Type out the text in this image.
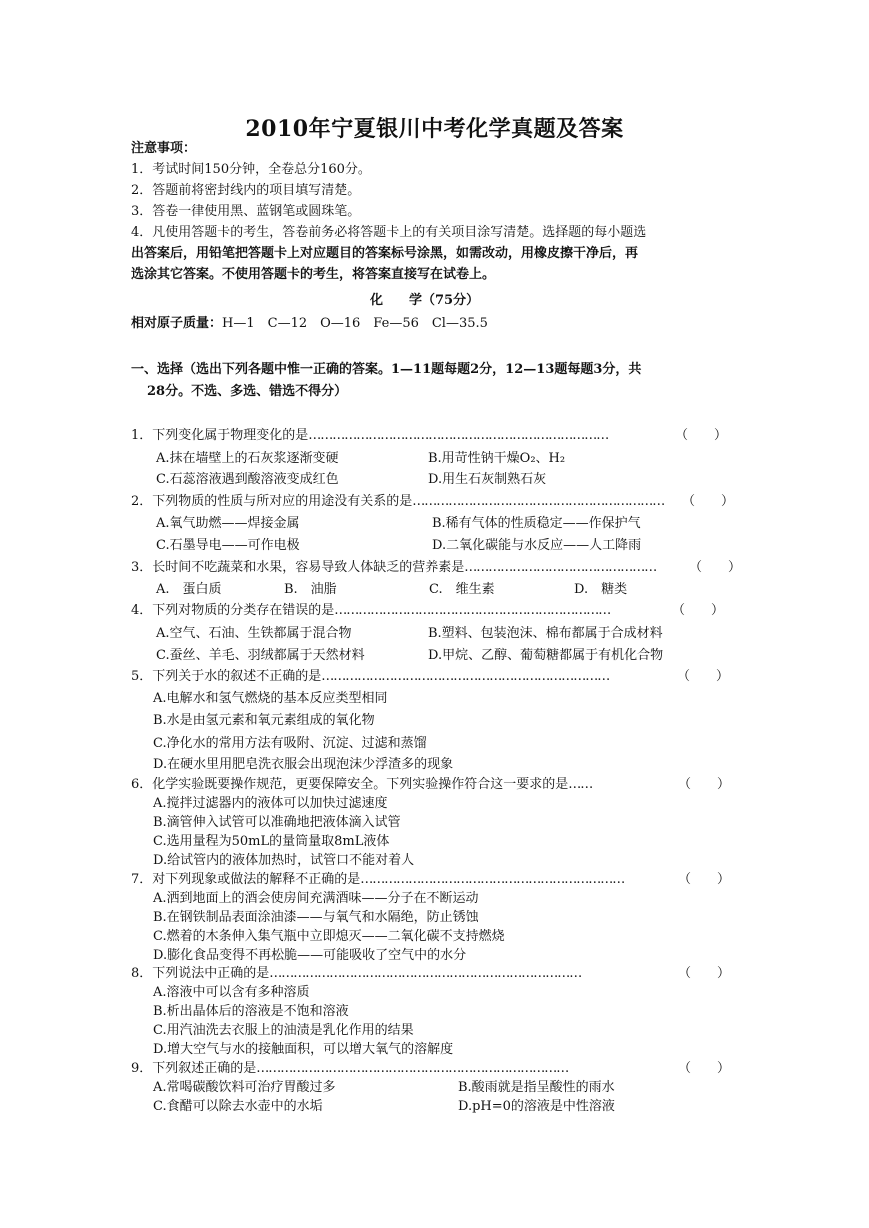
2010年宁夏银川中考化学真题及答案
注意事项：
1．考试时间150分钟，全卷总分160分。
2．答题前将密封线内的项目填写清楚。
3．答卷一律使用黑、蓝钢笔或圆珠笔。
4．凡使用答题卡的考生，答卷前务必将答题卡上的有关项目涂写清楚。选择题的每小题选
出答案后，用铅笔把答题卡上对应题目的答案标号涂黑，如需改动，用橡皮擦干净后，再
选涂其它答案。不使用答题卡的考生，将答案直接写在试卷上。
化　　学（75分）
相对原子质量：H—1　C—12　O—16　Fe—56　Cl—35.5
一、选择（选出下列各题中惟一正确的答案。1—11题每题2分，12—13题每题3分，共
28分。不选、多选、错选不得分）
1．下列变化属于物理变化的是…………………………………………………………………	（　　）
A.抹在墙壁上的石灰浆逐渐变硬	B.用苛性钠干燥O₂、H₂
C.石蕊溶液遇到酸溶液变成红色	D.用生石灰制熟石灰
2．下列物质的性质与所对应的用途没有关系的是……………………………………………………… （　　）
A.氧气助燃——焊接金属	B.稀有气体的性质稳定——作保护气
C.石墨导电——可作电极	D.二氧化碳能与水反应——人工降雨
3．长时间不吃蔬菜和水果，容易导致人体缺乏的营养素是…………………………………………	（　　）
A.　蛋白质	B.　油脂	C.　维生素	D.　糖类
4．下列对物质的分类存在错误的是……………………………………………………………	（　　）
A.空气、石油、生铁都属于混合物	B.塑料、包装泡沫、棉布都属于合成材料
C.蚕丝、羊毛、羽绒都属于天然材料	D.甲烷、乙醇、葡萄糖都属于有机化合物
5．下列关于水的叙述不正确的是………………………………………………………………	（　　）
A.电解水和氢气燃烧的基本反应类型相同
B.水是由氢元素和氧元素组成的氧化物
C.净化水的常用方法有吸附、沉淀、过滤和蒸馏
D.在硬水里用肥皂洗衣服会出现泡沫少浮渣多的现象
6．化学实验既要操作规范，更要保障安全。下列实验操作符合这一要求的是……	（　　）
A.搅拌过滤器内的液体可以加快过滤速度
B.滴管伸入试管可以准确地把液体滴入试管
C.选用量程为50mL的量筒量取8mL液体
D.给试管内的液体加热时，试管口不能对着人
7．对下列现象或做法的解释不正确的是…………………………………………………………	（　　）
A.洒到地面上的酒会使房间充满酒味——分子在不断运动
B.在钢铁制品表面涂油漆——与氧气和水隔绝，防止锈蚀
C.燃着的木条伸入集气瓶中立即熄灭——二氧化碳不支持燃烧
D.膨化食品变得不再松脆——可能吸收了空气中的水分
8．下列说法中正确的是……………………………………………………………………	（　　）
A.溶液中可以含有多种溶质
B.析出晶体后的溶液是不饱和溶液
C.用汽油洗去衣服上的油渍是乳化作用的结果
D.增大空气与水的接触面积，可以增大氧气的溶解度
9．下列叙述正确的是……………………………………………………………………	（　　）
A.常喝碳酸饮料可治疗胃酸过多	B.酸雨就是指呈酸性的雨水
C.食醋可以除去水壶中的水垢	D.pH=0的溶液是中性溶液
